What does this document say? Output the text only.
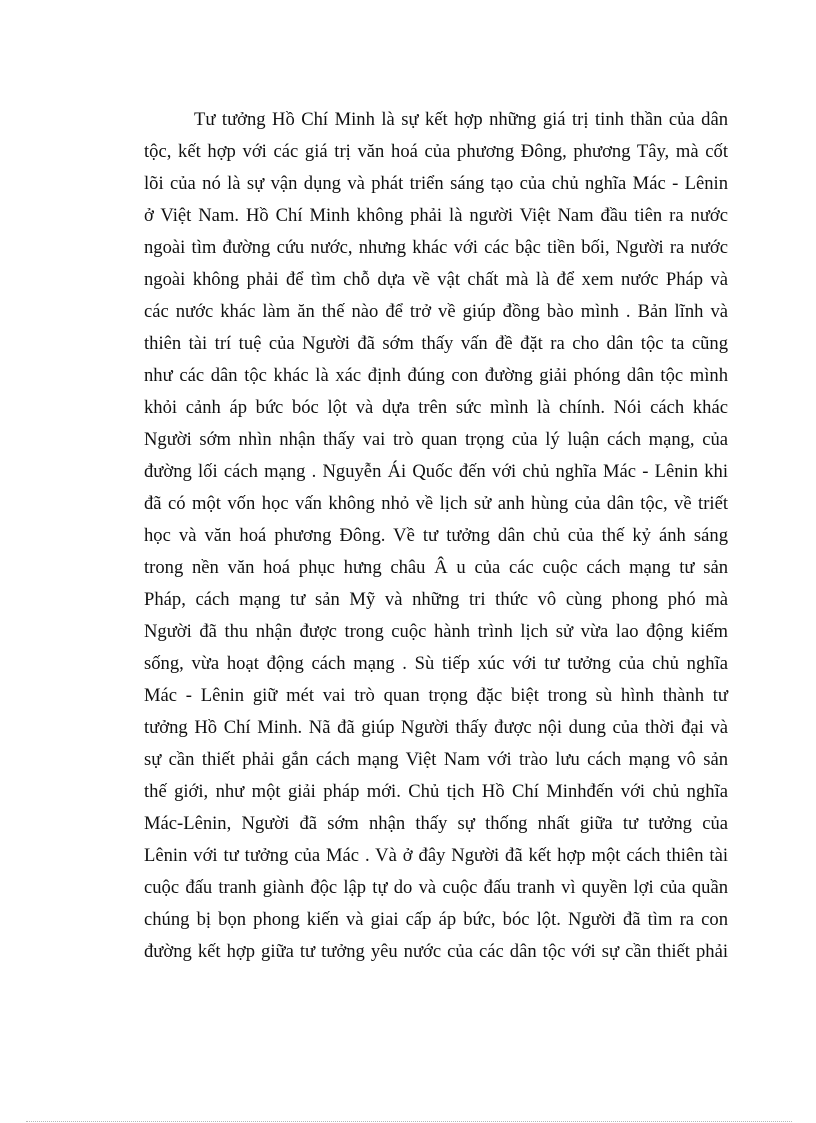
Tư tưởng Hồ Chí Minh là sự kết hợp những giá trị tinh thần của dân
tộc, kết hợp với các giá trị văn hoá của phương Đông, phương Tây, mà cốt
lõi của nó là sự vận dụng và phát triển sáng tạo của chủ nghĩa Mác - Lênin
ở Việt Nam. Hồ Chí Minh không phải là người Việt Nam đầu tiên ra nước
ngoài tìm đường cứu nước, nhưng khác với các bậc tiền bối, Người ra nước
ngoài không phải để tìm chỗ dựa về vật chất mà là để xem nước Pháp và
các nước khác làm ăn thế nào để trở về giúp đồng bào mình . Bản lĩnh và
thiên tài trí tuệ của Người đã sớm thấy vấn đề đặt ra cho dân tộc ta cũng
như các dân tộc khác là xác định đúng con đường giải phóng dân tộc mình
khỏi cảnh áp bức bóc lột và dựa trên sức mình là chính. Nói cách khác
Người sớm nhìn nhận thấy vai trò quan trọng của lý luận cách mạng, của
đường lối cách mạng . Nguyễn Ái Quốc đến với chủ nghĩa Mác - Lênin khi
đã có một vốn học vấn không nhỏ về lịch sử anh hùng của dân tộc, về triết
học và văn hoá phương Đông. Về tư tưởng dân chủ của thế kỷ ánh sáng
trong nền văn hoá phục hưng châu Â u của các cuộc cách mạng tư sản
Pháp, cách mạng tư sản Mỹ và những tri thức vô cùng phong phó mà
Người đã thu nhận được trong cuộc hành trình lịch sử vừa lao động kiếm
sống, vừa hoạt động cách mạng . Sù tiếp xúc với tư tưởng của chủ nghĩa
Mác - Lênin giữ mét vai trò quan trọng đặc biệt trong sù hình thành tư
tưởng Hồ Chí Minh. Nã đã giúp Người thấy được nội dung của thời đại và
sự cần thiết phải gắn cách mạng Việt Nam với trào lưu cách mạng vô sản
thế giới, như một giải pháp mới. Chủ tịch Hồ Chí Minhđến với chủ nghĩa
Mác-Lênin, Người đã sớm nhận thấy sự thống nhất giữa tư tưởng của
Lênin với tư tưởng của Mác . Và ở đây Người đã kết hợp một cách thiên tài
cuộc đấu tranh giành độc lập tự do và cuộc đấu tranh vì quyền lợi của quần
chúng bị bọn phong kiến và giai cấp áp bức, bóc lột. Người đã tìm ra con
đường kết hợp giữa tư tưởng yêu nước của các dân tộc với sự cần thiết phải
